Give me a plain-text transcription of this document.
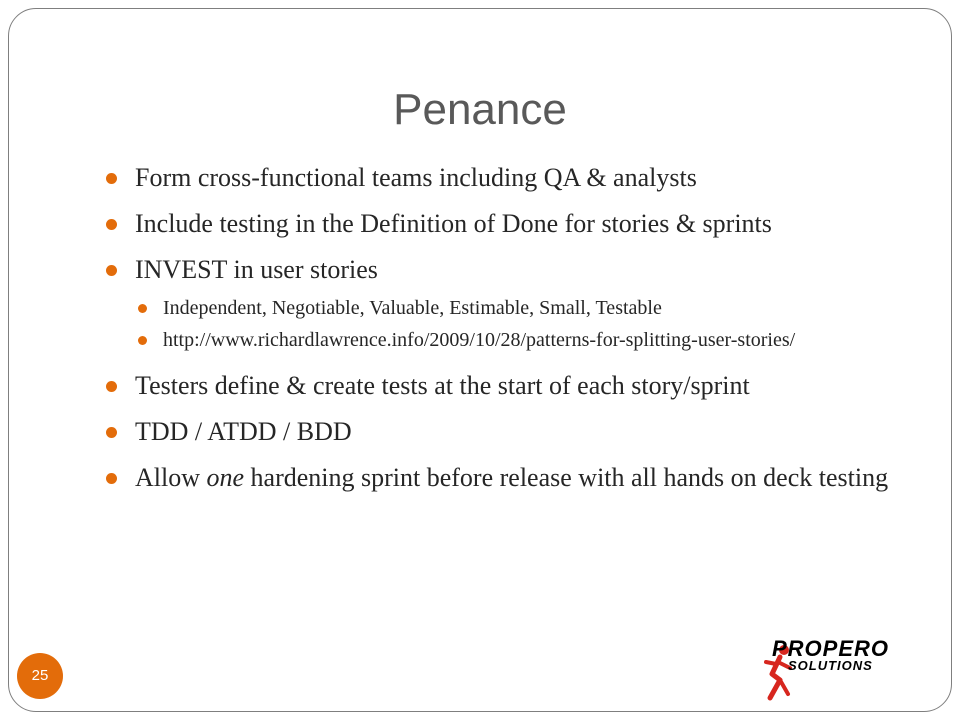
Penance
Form cross-functional teams including QA & analysts
Include testing in the Definition of Done for stories & sprints
INVEST in user stories
Independent, Negotiable, Valuable, Estimable, Small, Testable
http://www.richardlawrence.info/2009/10/28/patterns-for-splitting-user-stories/
Testers define & create tests at the start of each story/sprint
TDD / ATDD / BDD
Allow one hardening sprint before release with all hands on deck testing
25
PROPERO
SOLUTIONS
